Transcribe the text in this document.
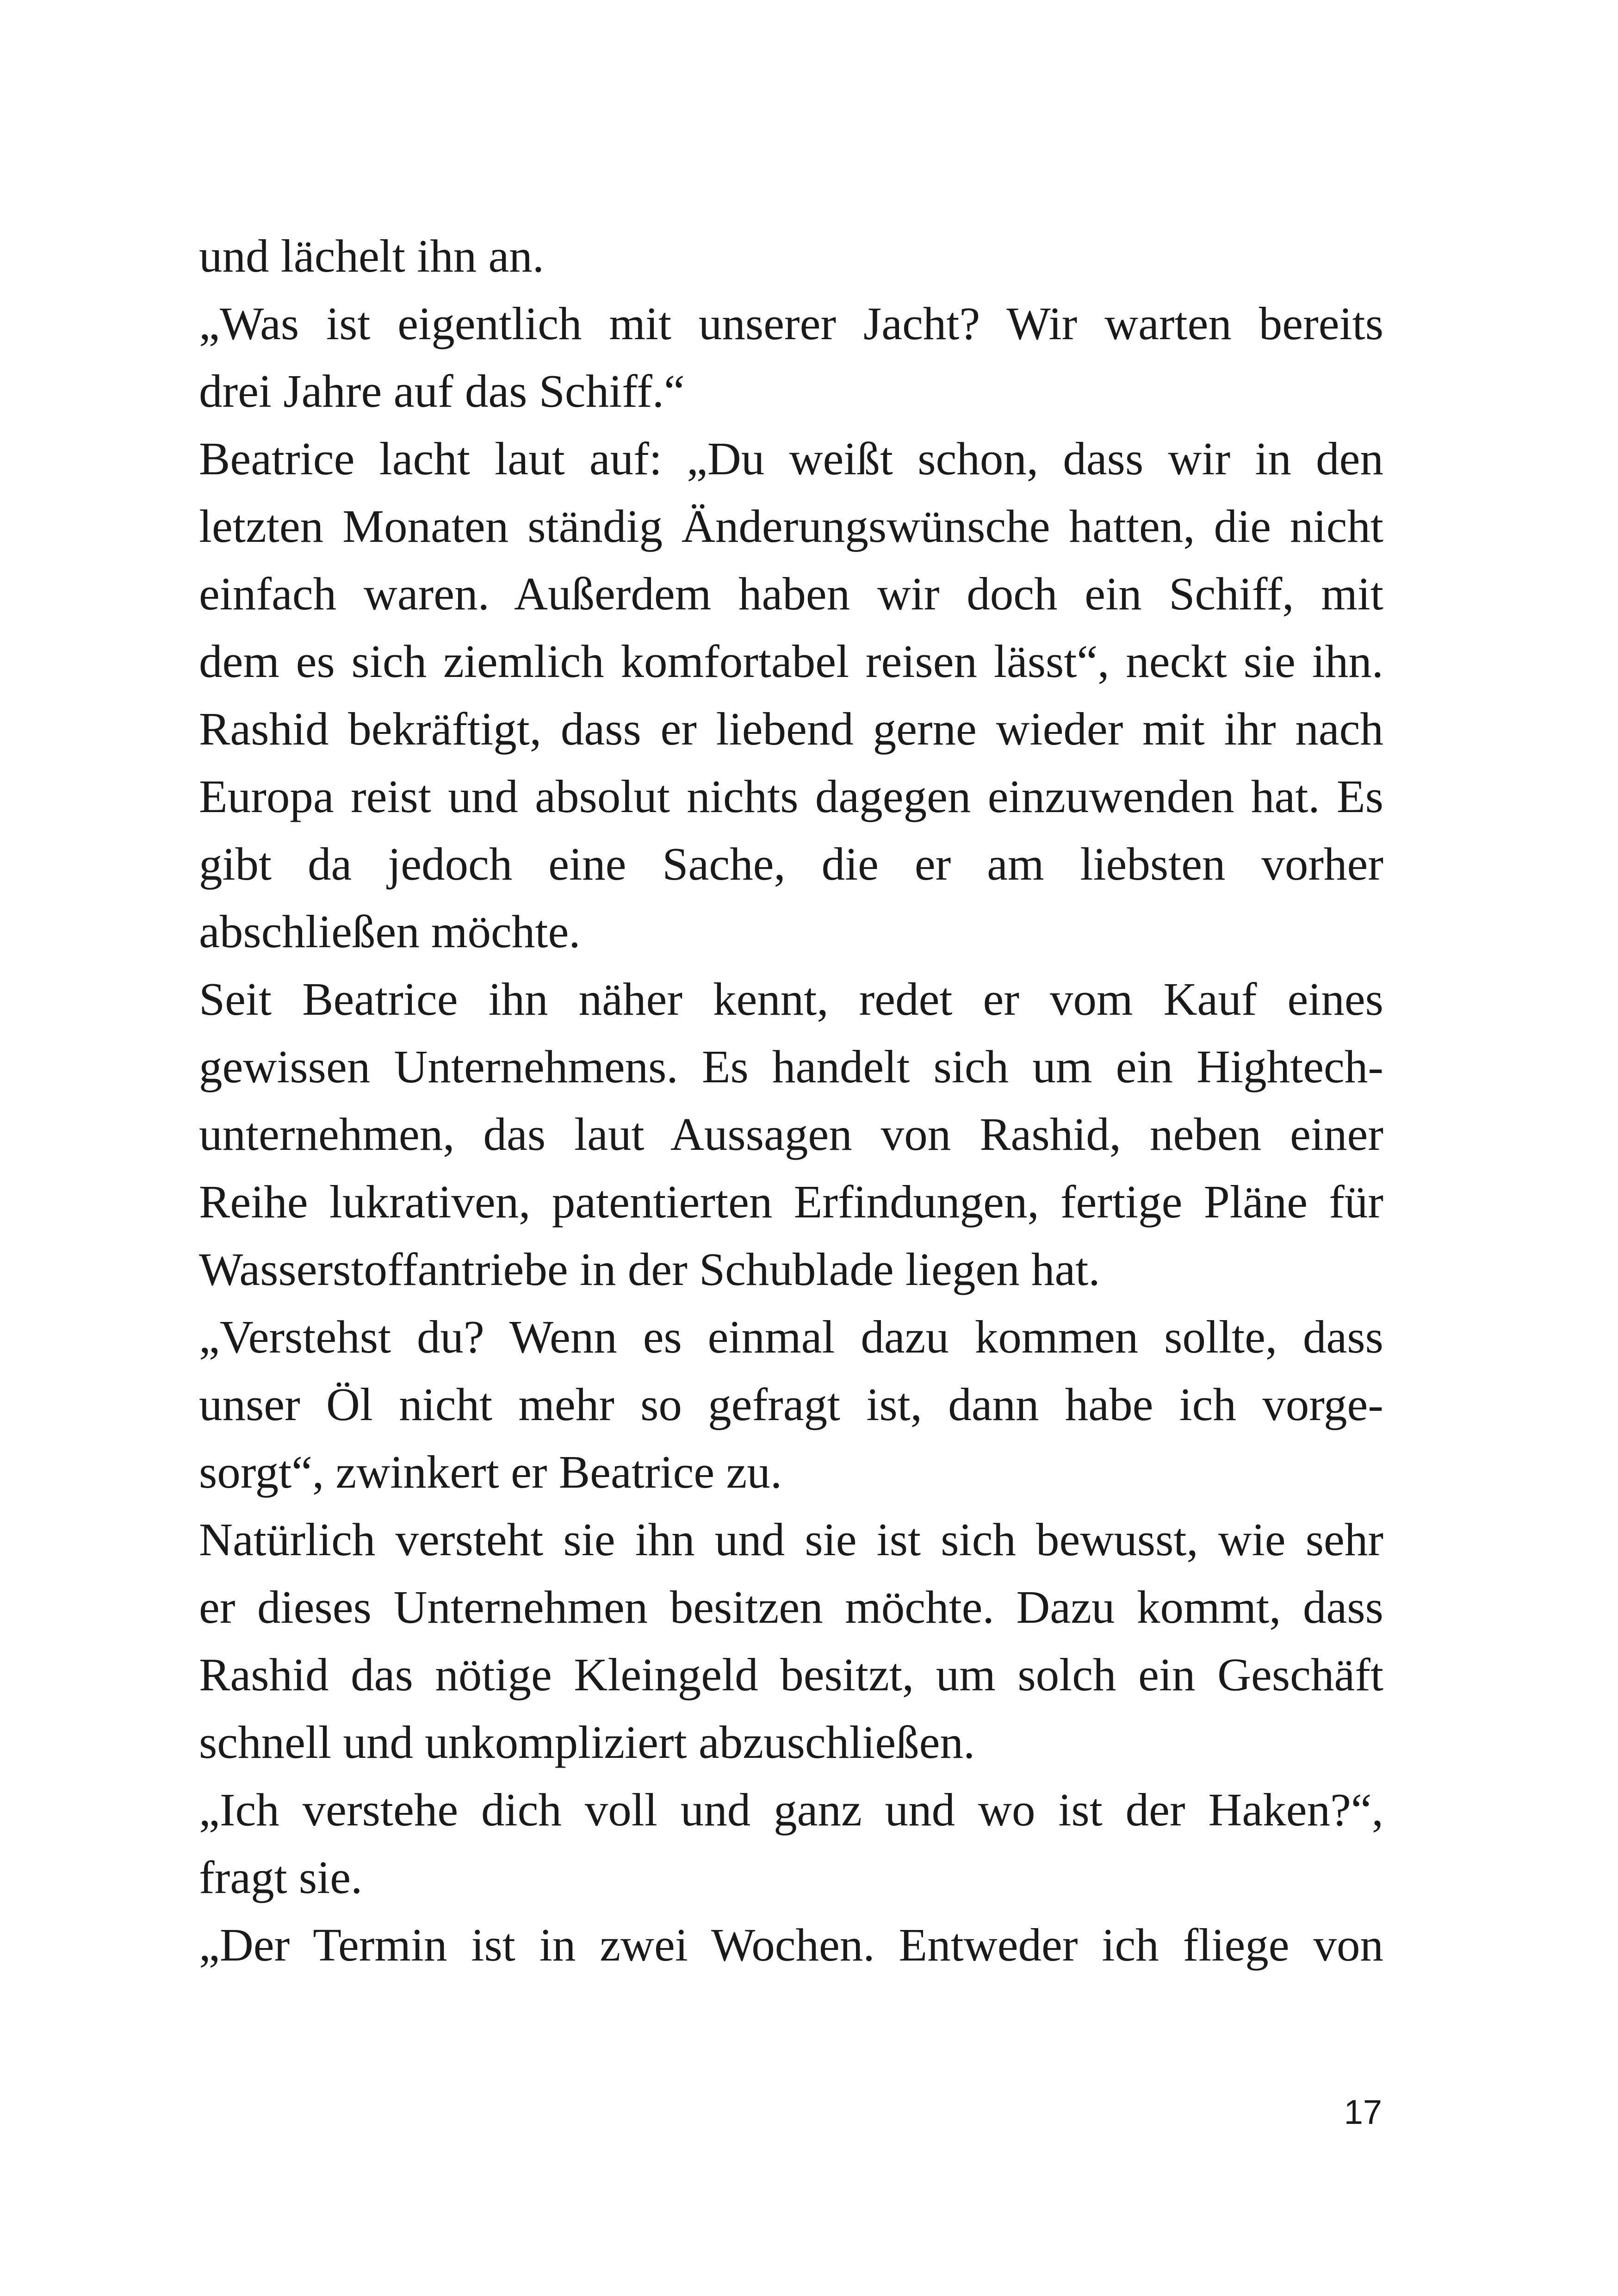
und lächelt ihn an.
„Was ist eigentlich mit unserer Jacht? Wir warten bereits
drei Jahre auf das Schiff.“
Beatrice lacht laut auf: „Du weißt schon, dass wir in den
letzten Monaten ständig Änderungswünsche hatten, die nicht
einfach waren. Außerdem haben wir doch ein Schiff, mit
dem es sich ziemlich komfortabel reisen lässt“, neckt sie ihn.
Rashid bekräftigt, dass er liebend gerne wieder mit ihr nach
Europa reist und absolut nichts dagegen einzuwenden hat. Es
gibt da jedoch eine Sache, die er am liebsten vorher
abschließen möchte.
Seit Beatrice ihn näher kennt, redet er vom Kauf eines
gewissen Unternehmens. Es handelt sich um ein Hightech-
unternehmen, das laut Aussagen von Rashid, neben einer
Reihe lukrativen, patentierten Erfindungen, fertige Pläne für
Wasserstoffantriebe in der Schublade liegen hat.
„Verstehst du? Wenn es einmal dazu kommen sollte, dass
unser Öl nicht mehr so gefragt ist, dann habe ich vorge-
sorgt“, zwinkert er Beatrice zu.
Natürlich versteht sie ihn und sie ist sich bewusst, wie sehr
er dieses Unternehmen besitzen möchte. Dazu kommt, dass
Rashid das nötige Kleingeld besitzt, um solch ein Geschäft
schnell und unkompliziert abzuschließen.
„Ich verstehe dich voll und ganz und wo ist der Haken?“,
fragt sie.
„Der Termin ist in zwei Wochen. Entweder ich fliege von
17
